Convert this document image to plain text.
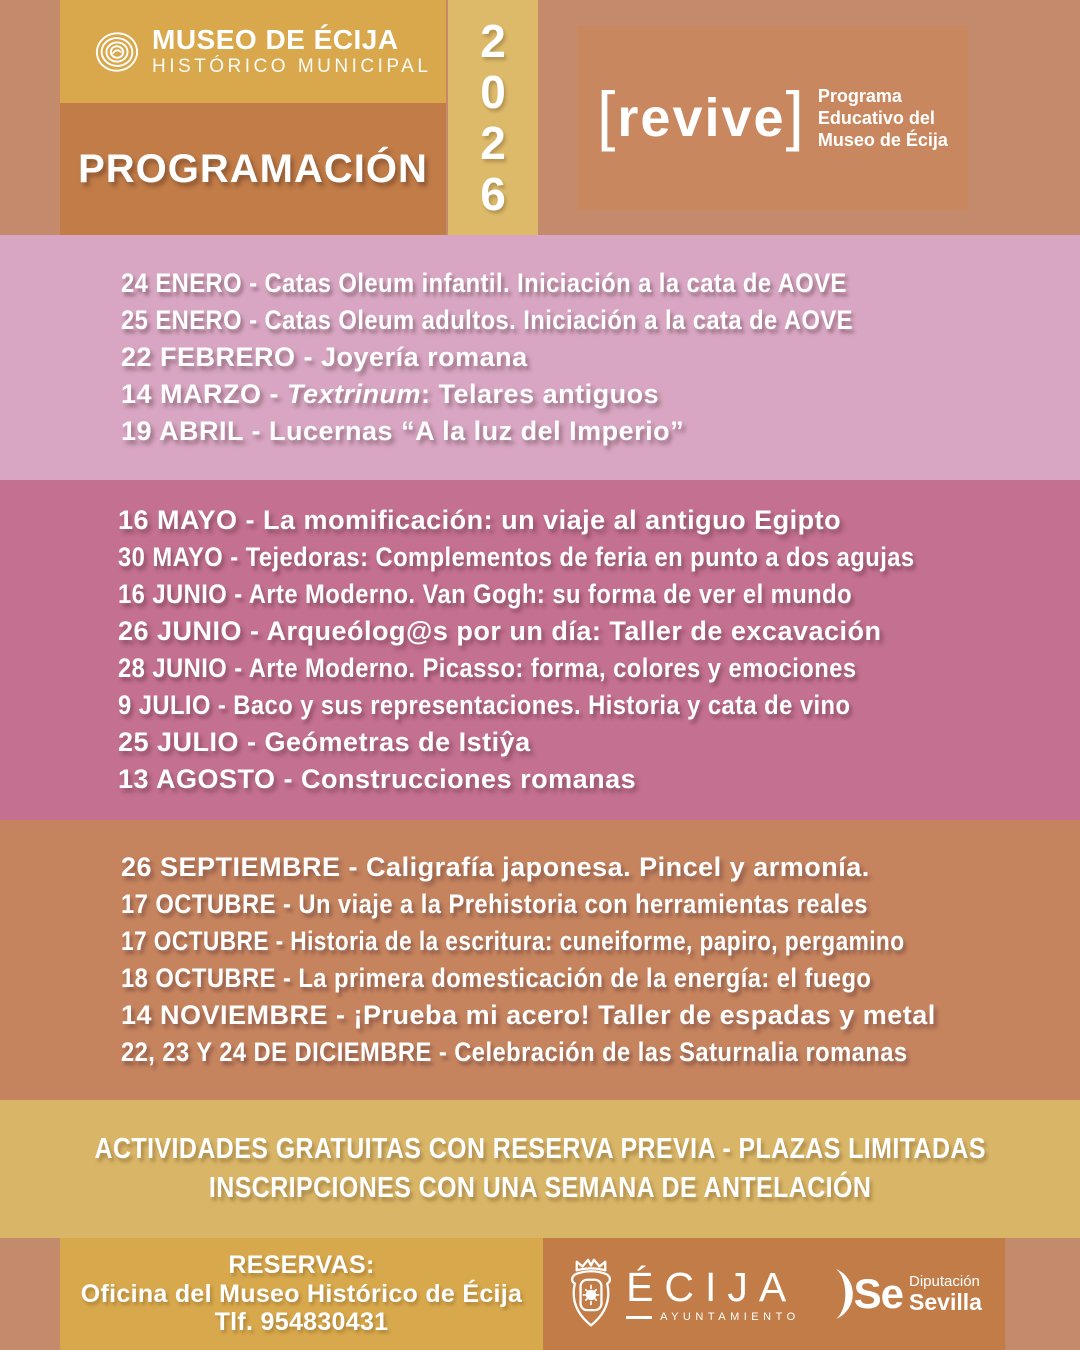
MUSEO DE ÉCIJA
HISTÓRICO MUNICIPAL
PROGRAMACIÓN
2
0
2
6
[ revive ] Programa
Educativo del
Museo de Écija
24 ENERO - Catas Oleum infantil. Iniciación a la cata de AOVE
25 ENERO - Catas Oleum adultos. Iniciación a la cata de AOVE
22 FEBRERO - Joyería romana
14 MARZO - Textrinum: Telares antiguos
19 ABRIL - Lucernas “A la luz del Imperio”
16 MAYO - La momificación: un viaje al antiguo Egipto
30 MAYO - Tejedoras: Complementos de feria en punto a dos agujas
16 JUNIO - Arte Moderno. Van Gogh: su forma de ver el mundo
26 JUNIO - Arqueólog@s por un día: Taller de excavación
28 JUNIO - Arte Moderno. Picasso: forma, colores y emociones
9 JULIO - Baco y sus representaciones. Historia y cata de vino
25 JULIO - Geómetras de Istiŷa
13 AGOSTO - Construcciones romanas
26 SEPTIEMBRE - Caligrafía japonesa. Pincel y armonía.
17 OCTUBRE - Un viaje a la Prehistoria con herramientas reales
17 OCTUBRE - Historia de la escritura: cuneiforme, papiro, pergamino
18 OCTUBRE - La primera domesticación de la energía: el fuego
14 NOVIEMBRE - ¡Prueba mi acero! Taller de espadas y metal
22, 23 Y 24 DE DICIEMBRE - Celebración de las Saturnalia romanas
ACTIVIDADES GRATUITAS CON RESERVA PREVIA - PLAZAS LIMITADAS
INSCRIPCIONES CON UNA SEMANA DE ANTELACIÓN
RESERVAS:
Oficina del Museo Histórico de Écija
Tlf. 954830431
ÉCIJA
AYUNTAMIENTO Se Diputación
Sevilla
